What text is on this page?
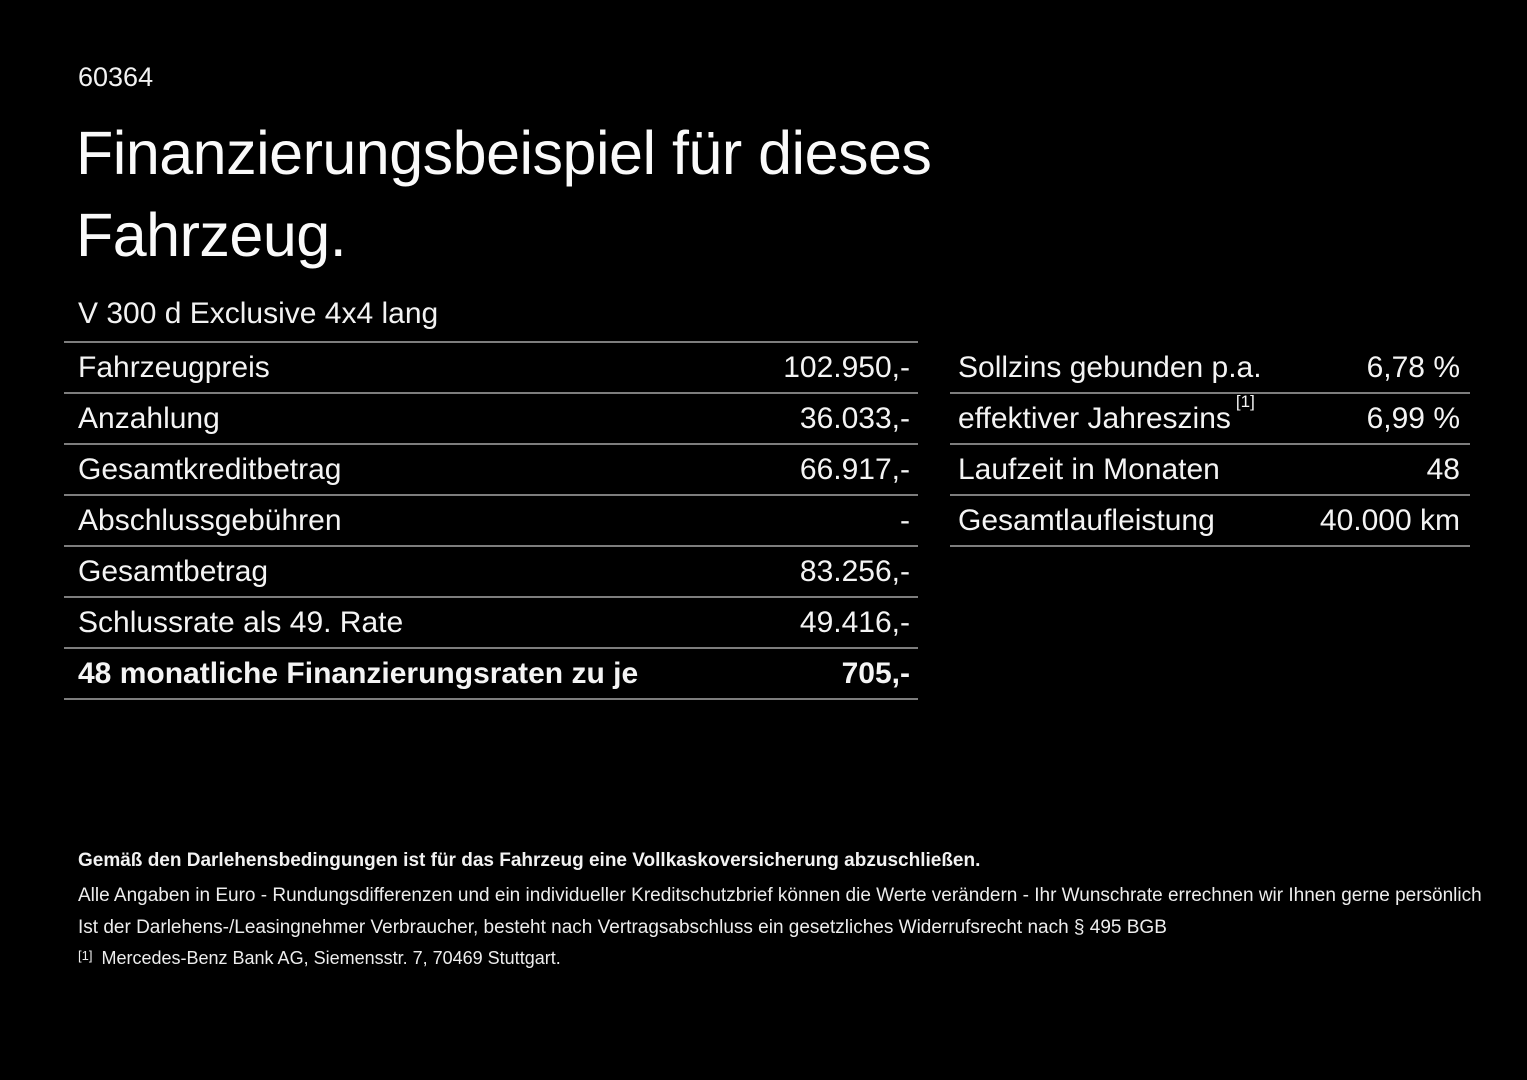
60364
Finanzierungsbeispiel für dieses Fahrzeug.
V 300 d Exclusive 4x4 lang
Fahrzeugpreis	102.950,-
Anzahlung	36.033,-
Gesamtkreditbetrag	66.917,-
Abschlussgebühren	-
Gesamtbetrag	83.256,-
Schlussrate als 49. Rate	49.416,-
48 monatliche Finanzierungsraten zu je	705,-
Sollzins gebunden p.a.	6,78 %
effektiver Jahreszins[1]	6,99 %
Laufzeit in Monaten	48
Gesamtlaufleistung	40.000 km
Gemäß den Darlehensbedingungen ist für das Fahrzeug eine Vollkaskoversicherung abzuschließen.
Alle Angaben in Euro - Rundungsdifferenzen und ein individueller Kreditschutzbrief können die Werte verändern - Ihr Wunschrate errechnen wir Ihnen gerne persönlich
Ist der Darlehens-/Leasingnehmer Verbraucher, besteht nach Vertragsabschluss ein gesetzliches Widerrufsrecht nach § 495 BGB
[1] Mercedes-Benz Bank AG, Siemensstr. 7, 70469 Stuttgart.
